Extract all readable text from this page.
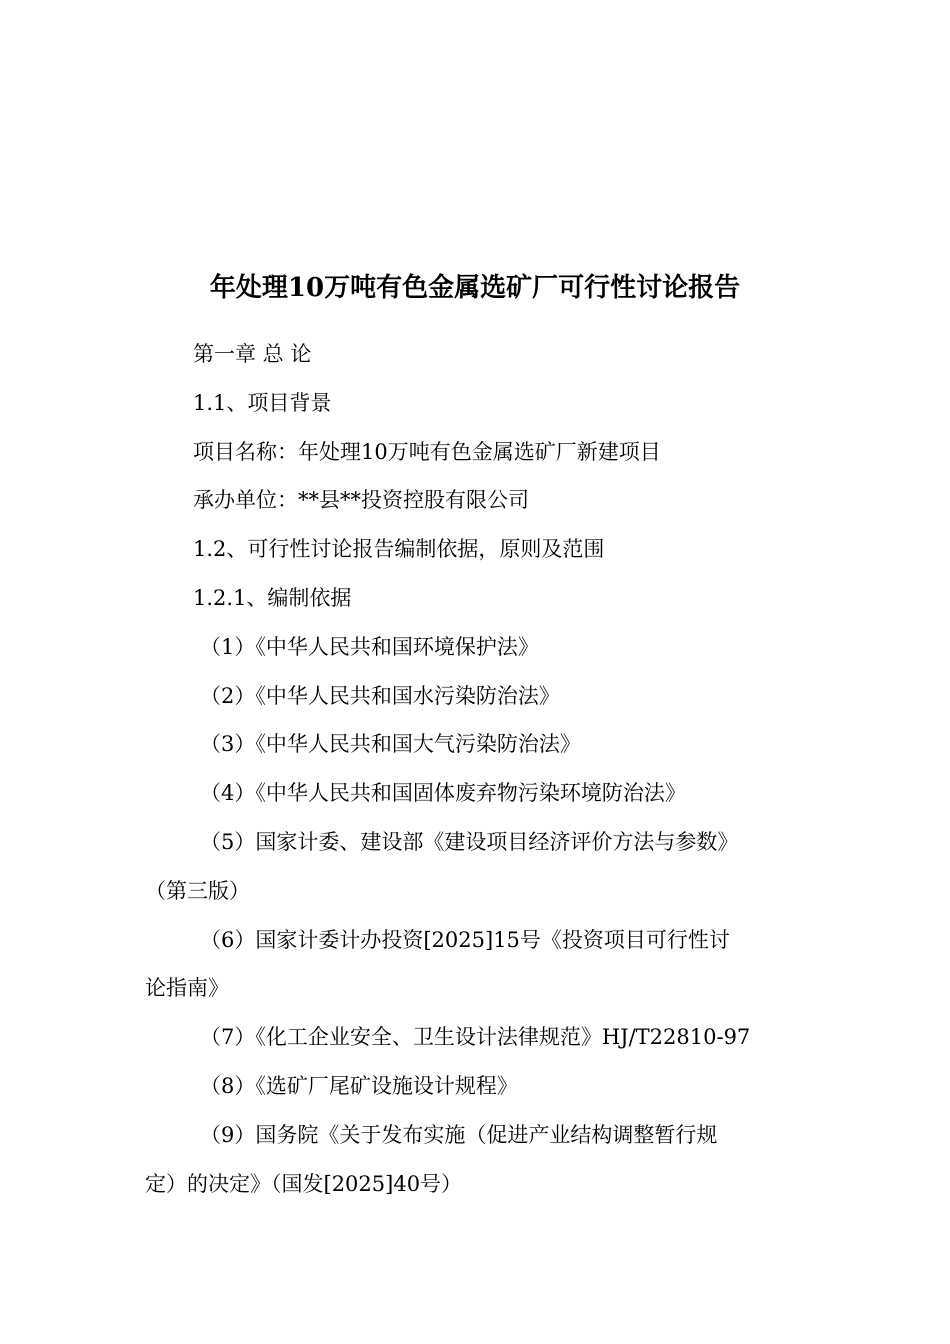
年处理10万吨有色金属选矿厂可行性讨论报告
第一章 总 论
1.1、项目背景
项目名称：年处理10万吨有色金属选矿厂新建项目
承办单位：**县**投资控股有限公司
1.2、可行性讨论报告编制依据，原则及范围
1.2.1、编制依据
（1）《中华人民共和国环境保护法》
（2）《中华人民共和国水污染防治法》
（3）《中华人民共和国大气污染防治法》
（4）《中华人民共和国固体废弃物污染环境防治法》
（5）国家计委、建设部《建设项目经济评价方法与参数》
（第三版）
（6）国家计委计办投资[2025]15号《投资项目可行性讨
论指南》
（7）《化工企业安全、卫生设计法律规范》HJ/T22810-97
（8）《选矿厂尾矿设施设计规程》
（9）国务院《关于发布实施（促进产业结构调整暂行规
定）的决定》（国发[2025]40号）
